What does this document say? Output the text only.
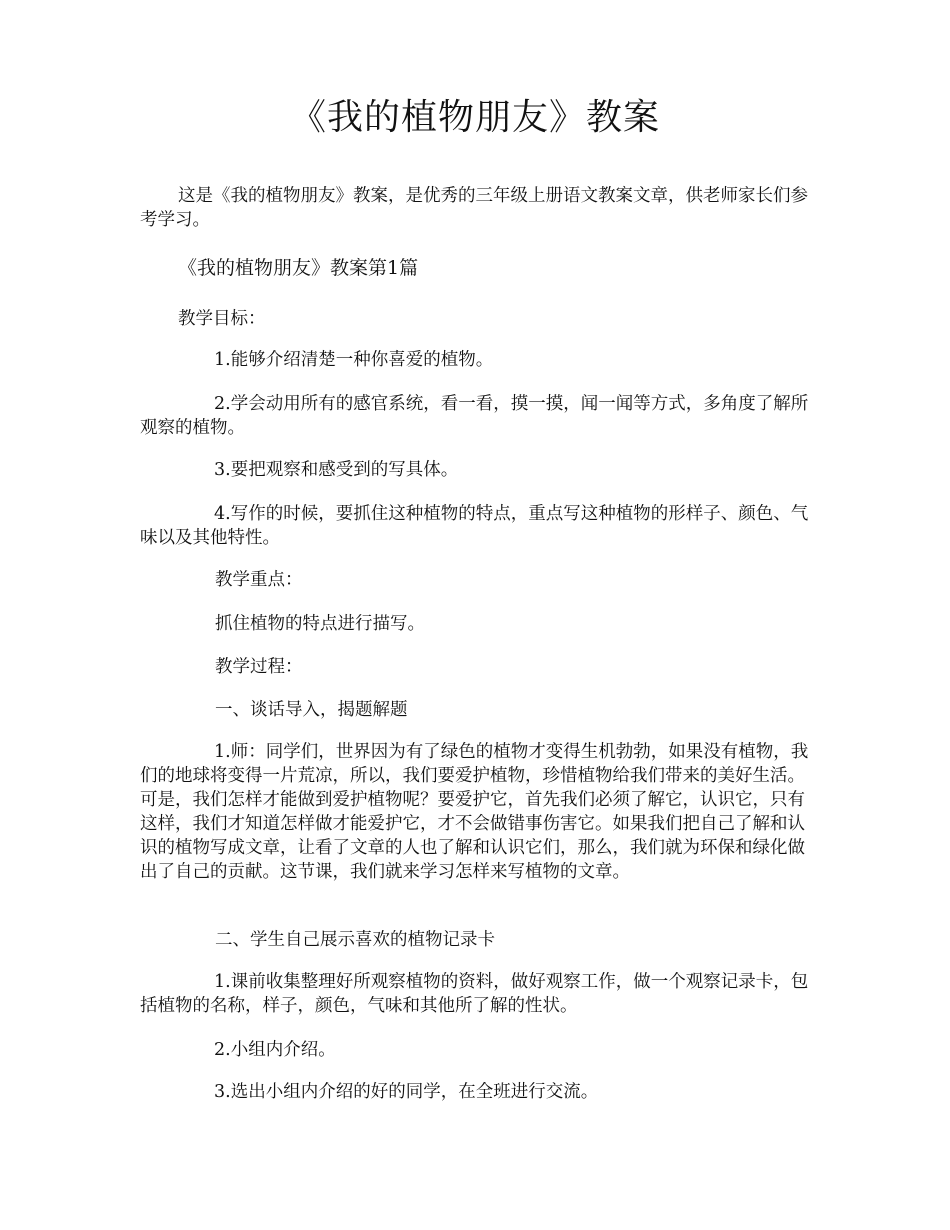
《我的植物朋友》教案

这是《我的植物朋友》教案，是优秀的三年级上册语文教案文章，供老师家长们参考学习。

《我的植物朋友》教案第1篇

教学目标：

1.能够介绍清楚一种你喜爱的植物。

2.学会动用所有的感官系统，看一看，摸一摸，闻一闻等方式，多角度了解所观察的植物。

3.要把观察和感受到的写具体。

4.写作的时候，要抓住这种植物的特点，重点写这种植物的形样子、颜色、气味以及其他特性。

教学重点：

抓住植物的特点进行描写。

教学过程：

一、谈话导入，揭题解题

1.师：同学们，世界因为有了绿色的植物才变得生机勃勃，如果没有植物，我们的地球将变得一片荒凉，所以，我们要爱护植物，珍惜植物给我们带来的美好生活。可是，我们怎样才能做到爱护植物呢？要爱护它，首先我们必须了解它，认识它，只有这样，我们才知道怎样做才能爱护它，才不会做错事伤害它。如果我们把自己了解和认识的植物写成文章，让看了文章的人也了解和认识它们，那么，我们就为环保和绿化做出了自己的贡献。这节课，我们就来学习怎样来写植物的文章。

二、学生自己展示喜欢的植物记录卡

1.课前收集整理好所观察植物的资料，做好观察工作，做一个观察记录卡，包括植物的名称，样子，颜色，气味和其他所了解的性状。

2.小组内介绍。

3.选出小组内介绍的好的同学，在全班进行交流。
